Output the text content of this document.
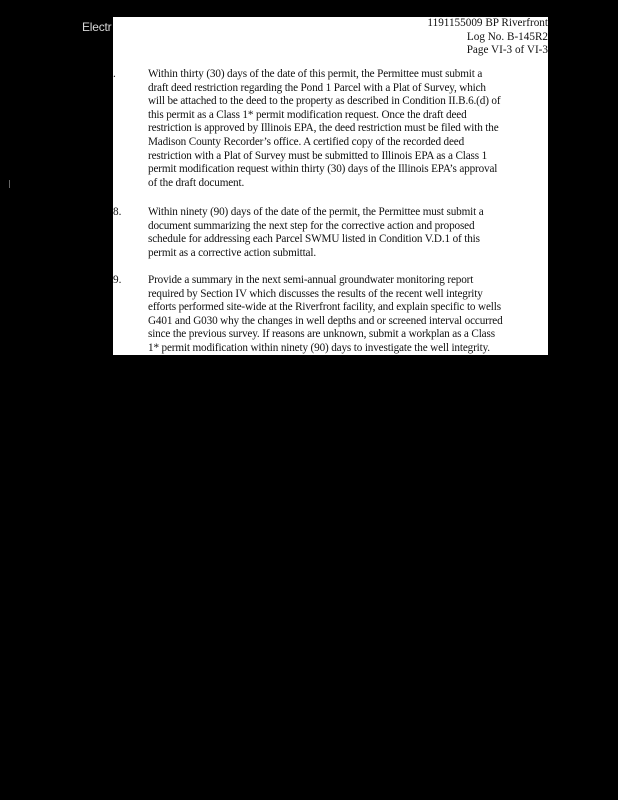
Electr	1191155009 BP Riverfront
Log No. B-145R2
Page VI-3 of VI-3
.	Within thirty (30) days of the date of this permit, the Permittee must submit a
draft deed restriction regarding the Pond 1 Parcel with a Plat of Survey, which
will be attached to the deed to the property as described in Condition II.B.6.(d) of
this permit as a Class 1* permit modification request. Once the draft deed
restriction is approved by Illinois EPA, the deed restriction must be filed with the
Madison County Recorder’s office. A certified copy of the recorded deed
restriction with a Plat of Survey must be submitted to Illinois EPA as a Class 1
permit modification request within thirty (30) days of the Illinois EPA’s approval
of the draft document.
8. Within ninety (90) days of the date of the permit, the Permittee must submit a
document summarizing the next step for the corrective action and proposed
schedule for addressing each Parcel SWMU listed in Condition V.D.1 of this
permit as a corrective action submittal.
9. Provide a summary in the next semi-annual groundwater monitoring report
required by Section IV which discusses the results of the recent well integrity
efforts performed site-wide at the Riverfront facility, and explain specific to wells
G401 and G030 why the changes in well depths and or screened interval occurred
since the previous survey. If reasons are unknown, submit a workplan as a Class
1* permit modification within ninety (90) days to investigate the well integrity.
